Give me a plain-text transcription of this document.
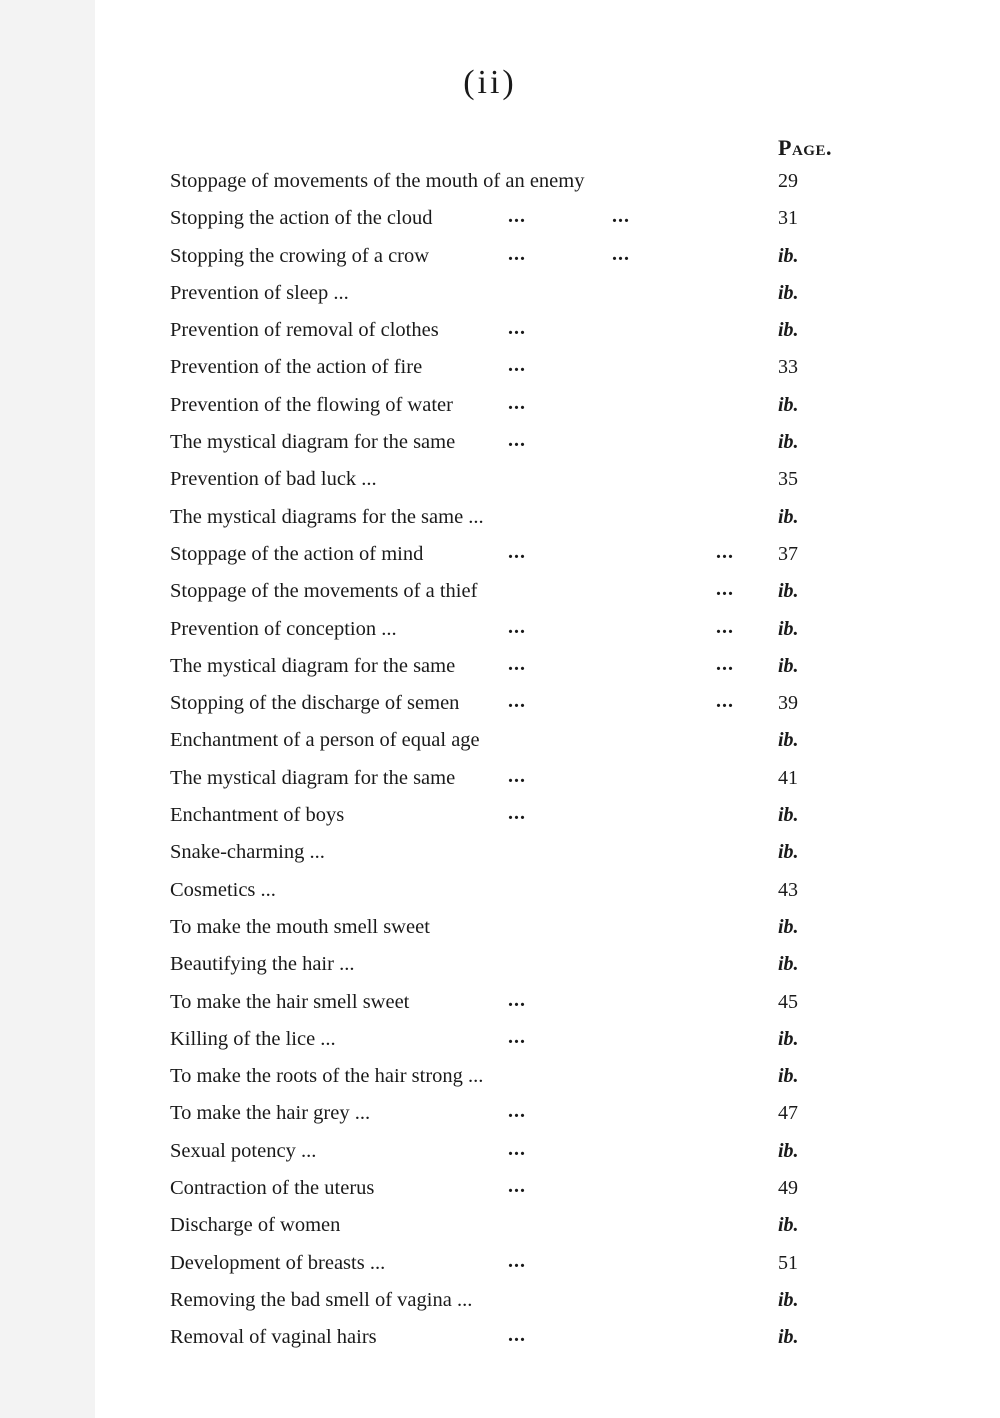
(ii)
Page.
Stoppage of movements of the mouth of an enemy	29
Stopping the action of the cloud	...	...	31
Stopping the crowing of a crow	...	...	ib.
Prevention of sleep ...	ib.
Prevention of removal of clothes	...	ib.
Prevention of the action of fire	...	33
Prevention of the flowing of water	...	ib.
The mystical diagram for the same	...	ib.
Prevention of bad luck ...	35
The mystical diagrams for the same ...	ib.
Stoppage of the action of mind	...	... 37
Stoppage of the movements of a thief	... ib.
Prevention of conception ...	...	... ib.
The mystical diagram for the same	...	... ib.
Stopping of the discharge of semen ...	... 39
Enchantment of a person of equal age	ib.
The mystical diagram for the same	...	41
Enchantment of boys	...	ib.
Snake-charming ...	ib.
Cosmetics ...	43
To make the mouth smell sweet	ib.
Beautifying the hair ...	ib.
To make the hair smell sweet	...	45
Killing of the lice ...	...	ib.
To make the roots of the hair strong ...	ib.
To make the hair grey ...	...	47
Sexual potency ...	...	ib.
Contraction of the uterus	...	49
Discharge of women	ib.
Development of breasts ...	...	51
Removing the bad smell of vagina ...	ib.
Removal of vaginal hairs	...	ib.
